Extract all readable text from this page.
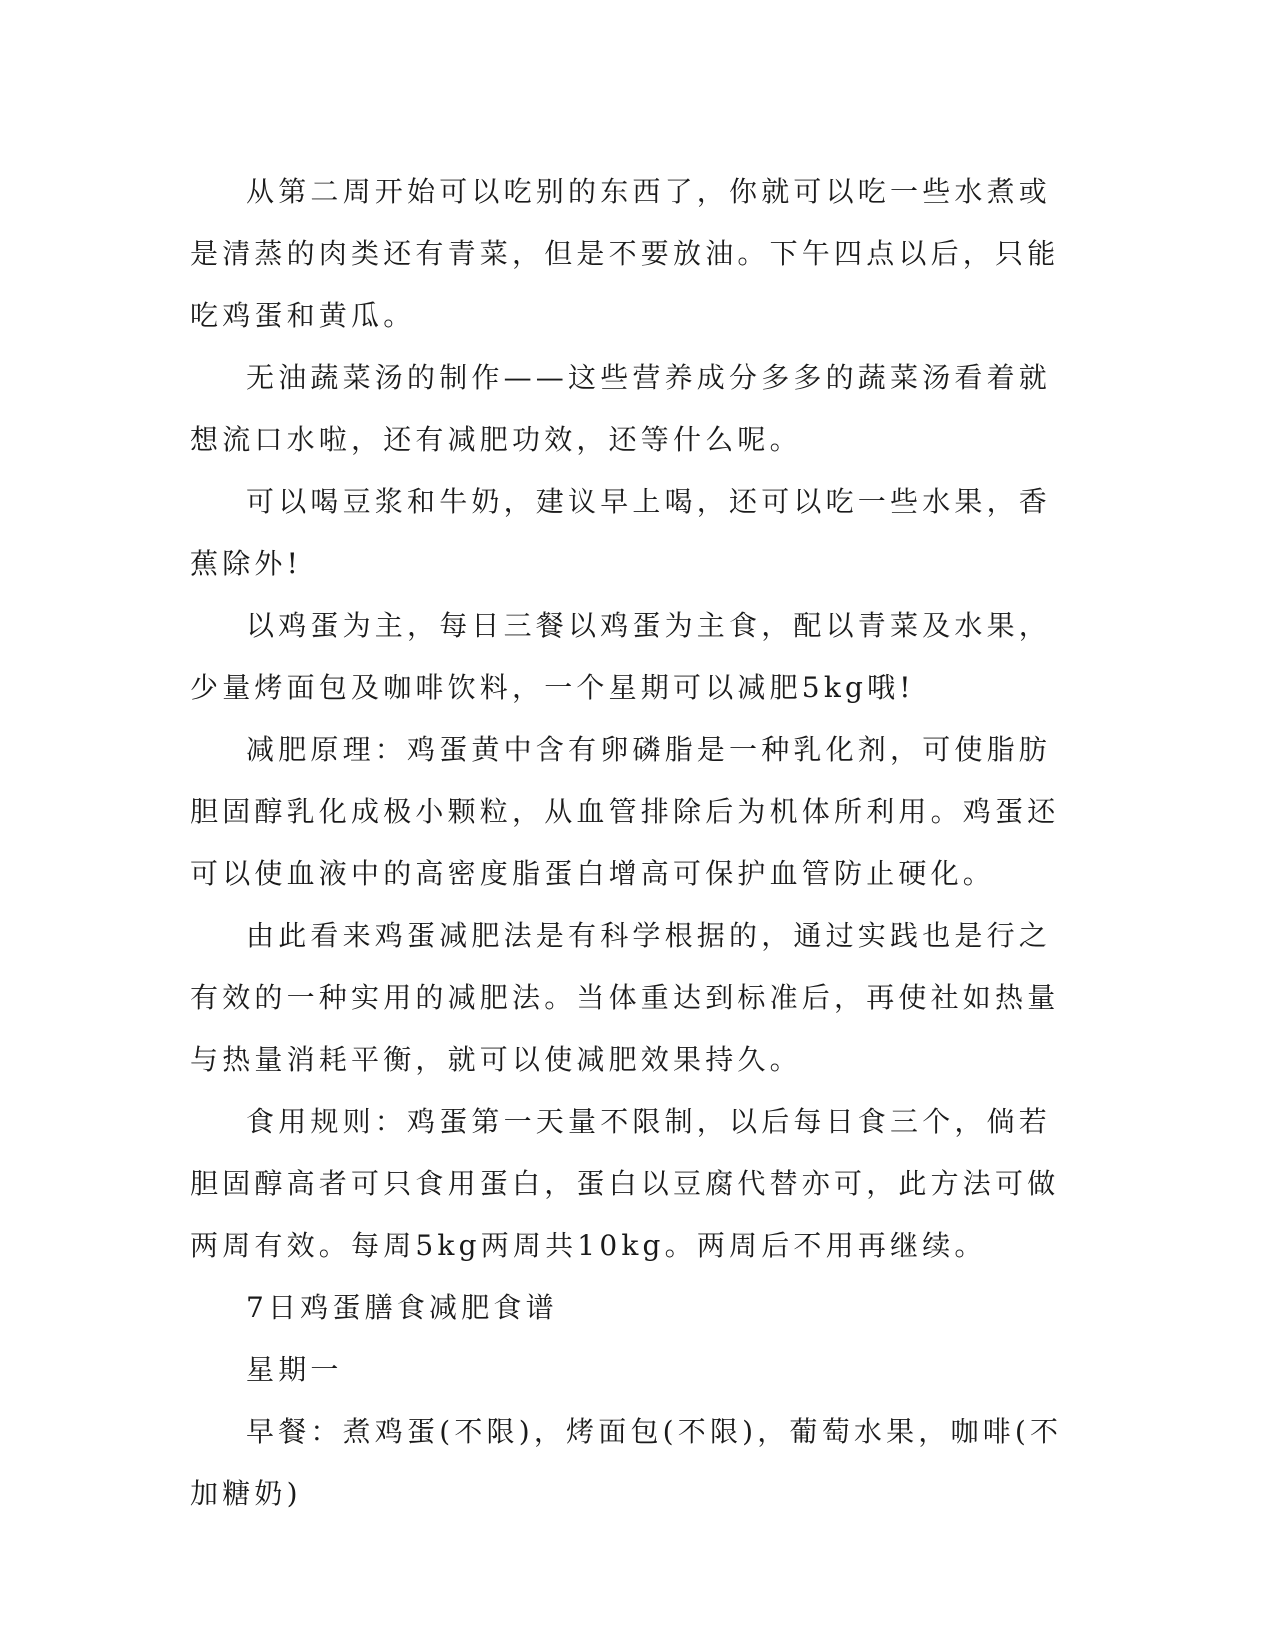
从第二周开始可以吃别的东西了，你就可以吃一些水煮或是清蒸的肉类还有青菜，但是不要放油。下午四点以后，只能吃鸡蛋和黄瓜。

无油蔬菜汤的制作——这些营养成分多多的蔬菜汤看着就想流口水啦，还有减肥功效，还等什么呢。

可以喝豆浆和牛奶，建议早上喝，还可以吃一些水果，香蕉除外!

以鸡蛋为主，每日三餐以鸡蛋为主食，配以青菜及水果，少量烤面包及咖啡饮料，一个星期可以减肥5kg哦!

减肥原理：鸡蛋黄中含有卵磷脂是一种乳化剂，可使脂肪胆固醇乳化成极小颗粒，从血管排除后为机体所利用。鸡蛋还可以使血液中的高密度脂蛋白增高可保护血管防止硬化。

由此看来鸡蛋减肥法是有科学根据的，通过实践也是行之有效的一种实用的减肥法。当体重达到标准后，再使社如热量与热量消耗平衡，就可以使减肥效果持久。

食用规则：鸡蛋第一天量不限制，以后每日食三个，倘若胆固醇高者可只食用蛋白，蛋白以豆腐代替亦可，此方法可做两周有效。每周5kg两周共10kg。两周后不用再继续。

7日鸡蛋膳食减肥食谱

星期一

早餐：煮鸡蛋(不限)，烤面包(不限)，葡萄水果，咖啡(不加糖奶)
